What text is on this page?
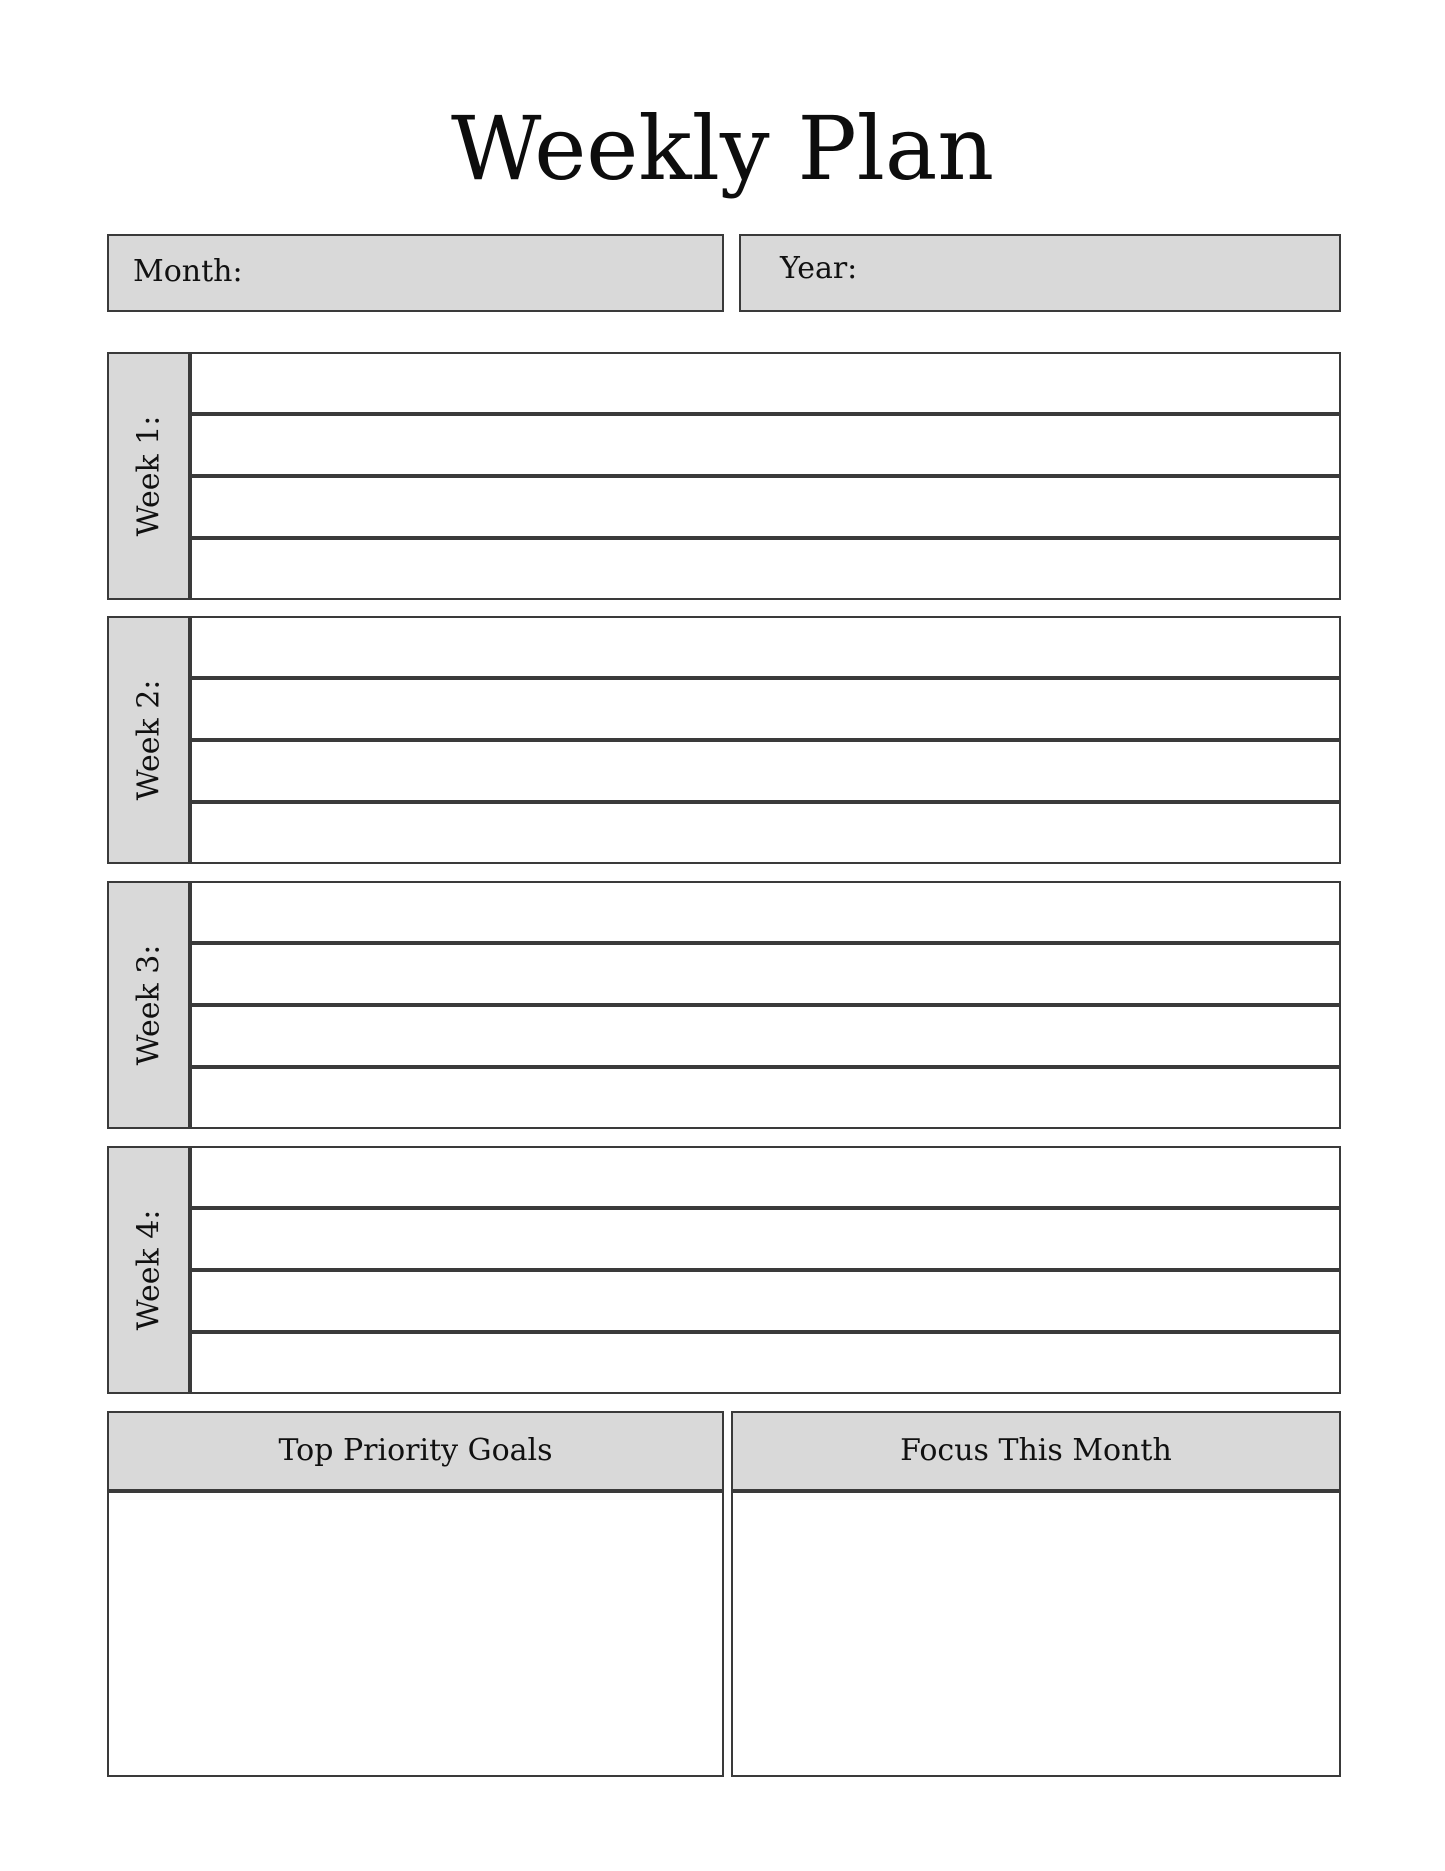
Weekly Plan
Month:	Year:
Week 1:
Week 2:
Week 3:
Week 4:
Top Priority Goals	Focus This Month
